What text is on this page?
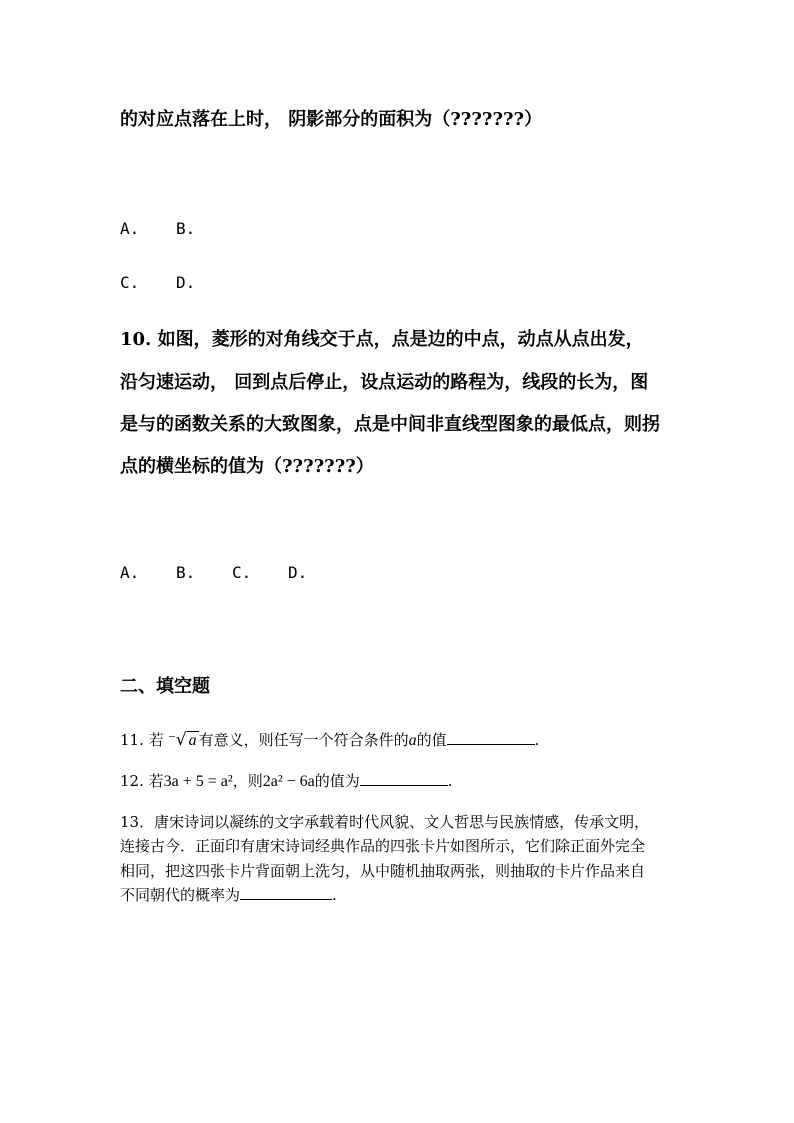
的对应点落在上时， 阴影部分的面积为（???????）
A. B.
C. D.
10. 如图，菱形的对角线交于点，点是边的中点，动点从点出发，
沿匀速运动， 回到点后停止，设点运动的路程为，线段的长为，图
是与的函数关系的大致图象，点是中间非直线型图象的最低点，则拐
点的横坐标的值为（???????）
A. B. C. D.
二、填空题
11. 若 −√ a 有意义，则任写一个符合条件的a的值	.
12. 若3a + 5 = a²，则2a² − 6a的值为	.
13．唐宋诗词以凝练的文字承载着时代风貌、文人哲思与民族情感，传承文明，
连接古今．正面印有唐宋诗词经典作品的四张卡片如图所示，它们除正面外完全
相同，把这四张卡片背面朝上洗匀，从中随机抽取两张，则抽取的卡片作品来自
不同朝代的概率为	.
